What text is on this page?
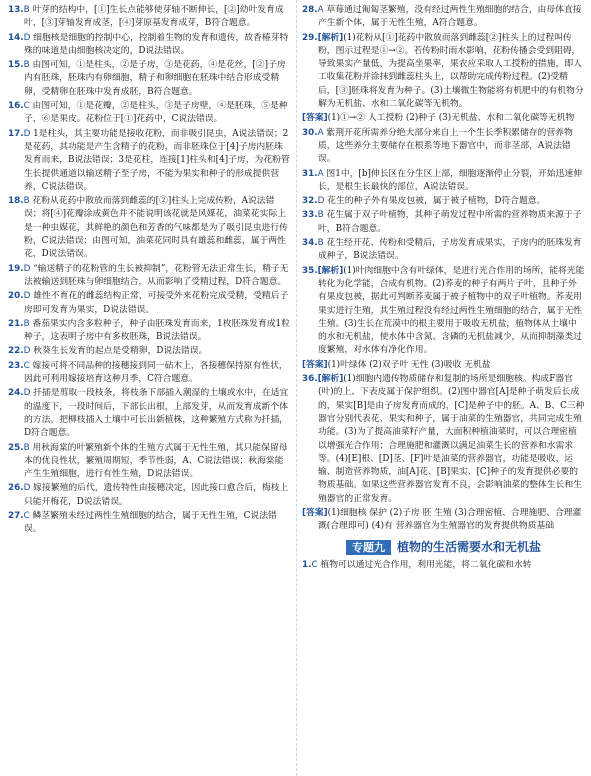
13.B 叶芽的结构中，[①]生长点能够使芽轴不断伸长，[②]幼叶发育成叶，[③]芽轴发育成茎，[④]芽原基发育成芽，B符合题意。
14.D 细胞核是细胞的控制中心，控制着生物的发育和遗传，故香椿芽特殊的味道是由细胞核决定的，D说法错误。
15.B 由图可知，①是柱头，②是子房，③是花药，④是花丝，[②]子房内有胚珠，胚珠内有卵细胞，精子和卵细胞在胚珠中结合形成受精卵，受精卵在胚珠中发育成胚，B符合题意。
16.C 由图可知，①是花瓣，②是柱头，③是子房壁，④是胚珠，⑤是种子，⑥是果皮。花粉位于[①]花药中，C说法错误。
17.D 1是柱头，其主要功能是接收花粉，而非吸引昆虫，A说法错误；2是花药，其功能是产生含精子的花粉，而非胚珠位于[4]子房内胚珠发育而来，B说法错误；3是花柱，连接[1]柱头和[4]子房，为花粉管生长提供通道以输送精子至子房，不能为果实和种子的形成提供营养，C说法错误。
18.B 花粉从花药中散放而落到雌蕊的[②]柱头上完成传粉，A说法错误；将[④]花瓣涂成黄色并不能说明该花就是风媒花，油菜花实际上是一种虫媒花，其鲜艳的颜色和芳香的气味都是为了吸引昆虫进行传粉，C说法错误；由图可知，油菜花同时具有雄蕊和雌蕊，属于两性花，D说法错误。
19.D “输送精子的花粉管的生长被抑制”，花粉管无法正常生长，精子无法被输送到胚珠与卵细胞结合，从而影响了受精过程，D符合题意。
20.D 雄性不育花的雌蕊结构正常，可接受外来花粉完成受精，受精后子房即可发育为果实，D说法错误。
21.B 番茄果实内含多粒种子，种子由胚珠发育而来，1枚胚珠发育成1粒种子，这表明子房中有多枚胚珠，B说法错误。
22.D 秋葵生长发育的起点是受精卵，D说法错误。
23.C 嫁接可将不同品种的接穗接到同一砧木上，各接穗保持原有性状，因此可利用嫁接培育这种月季，C符合题意。
24.D 扦插是剪取一段枝条，将枝条下部插入潮湿的土壤或水中，在适宜的温度下，一段时间后，下部长出根，上部发芽，从而发育成新个体的方法。把柳枝插入土壤中可长出新植株，这种繁殖方式称为扦插，D符合题意。
25.B 用秋海棠的叶繁殖新个体的生殖方式属于无性生殖，其只能保留母本的优良性状，繁殖周期短，季节性弱，A、C说法错误；秋海棠能产生生殖细胞，进行有性生殖，D说法错误。
26.D 嫁接繁殖的后代，遗传特性由接穗决定，因此接口愈合后，梅枝上只能开梅花，D说法错误。
27.C 鳞茎繁殖未经过两性生殖细胞的结合，属于无性生殖，C说法错误。
28.A 草莓通过匍匐茎繁殖，没有经过两性生殖细胞的结合，由母体直接产生新个体，属于无性生殖，A符合题意。
29.[解析](1)花粉从[①]花药中散放而落到雌蕊[②]柱头上的过程叫传粉，图示过程是①→②。若传粉时雨水影响，花粉传播会受到阻碍，导致果实产量低，为提高坐果率，果农应采取人工授粉的措施，即人工收集花粉并涂抹到雌蕊柱头上，以帮助完成传粉过程。(2)受精后，[③]胚珠将发育为种子。(3)土壤微生物能将有机肥中的有机物分解为无机盐、水和二氧化碳等无机物。
[答案](1)①→② 人工授粉 (2)种子 (3)无机盐、水和二氧化碳等无机物
30.A 紫荆开花所需养分绝大部分来自上一个生长季积累储存的营养物质，这些养分主要储存在根系等地下器官中，而非茎部，A说法错误。
31.A 图1中，[b]伸长区在分生区上部，细胞逐渐停止分裂，开始迅速伸长，是根生长最快的部位，A说法错误。
32.D 花生的种子外有果皮包被，属于被子植物，D符合题意。
33.B 花生属于双子叶植物，其种子萌发过程中所需的营养物质来源于子叶，B符合题意。
34.B 花生经开花、传粉和受精后，子房发育成果实，子房内的胚珠发育成种子，B说法错误。
35.[解析](1)叶肉细胞中含有叶绿体，是进行光合作用的场所，能将光能转化为化学能，合成有机物。(2)荞麦的种子有两片子叶，且种子外有果皮包被，据此可判断荞麦属于被子植物中的双子叶植物。荞麦用果实进行生殖，其生殖过程没有经过两性生殖细胞的结合，属于无性生殖。(3)生长在荒漠中的根主要用于吸收无机盐，植物体从土壤中的水和无机盐，使水体中含氮、含磷的无机盐减少，从而抑制藻类过度繁殖，对水体有净化作用。
[答案](1)叶绿体 (2)双子叶 无性 (3)吸收 无机盐
36.[解析](1)细胞内遗传物质储存和复制的场所是细胞核。构成F器官(叶)的上、下表皮属于保护组织。(2)图中器官[A]是种子萌发后长成的，果实[B]是由子房发育而成的，[C]是种子中的胚。A、B、C三种器官分别代表花、果实和种子，属于油菜的生殖器官，共同完成生殖功能。(3)为了提高油菜籽产量，大面积种植油菜时，可以合理密植以增强光合作用；合理施肥和灌溉以满足油菜生长的营养和水需求等。(4)[E]根、[D]茎、[F]叶是油菜的营养器官，功能是吸收、运输、制造营养物质，油[A]花、[B]果实、[C]种子的发育提供必要的物质基础。如果这些营养器官发育不良，会影响油菜的整体生长和生殖器官的正常发育。
[答案](1)细胞核 保护 (2)子房 胚 生殖 (3)合理密植、合理施肥、合理灌溉(合理即可) (4)有 营养器官为生殖器官的发育提供物质基础
专题九	植物的生活需要水和无机盐
1.C 植物可以通过光合作用，利用光能，将二氧化碳和水转
